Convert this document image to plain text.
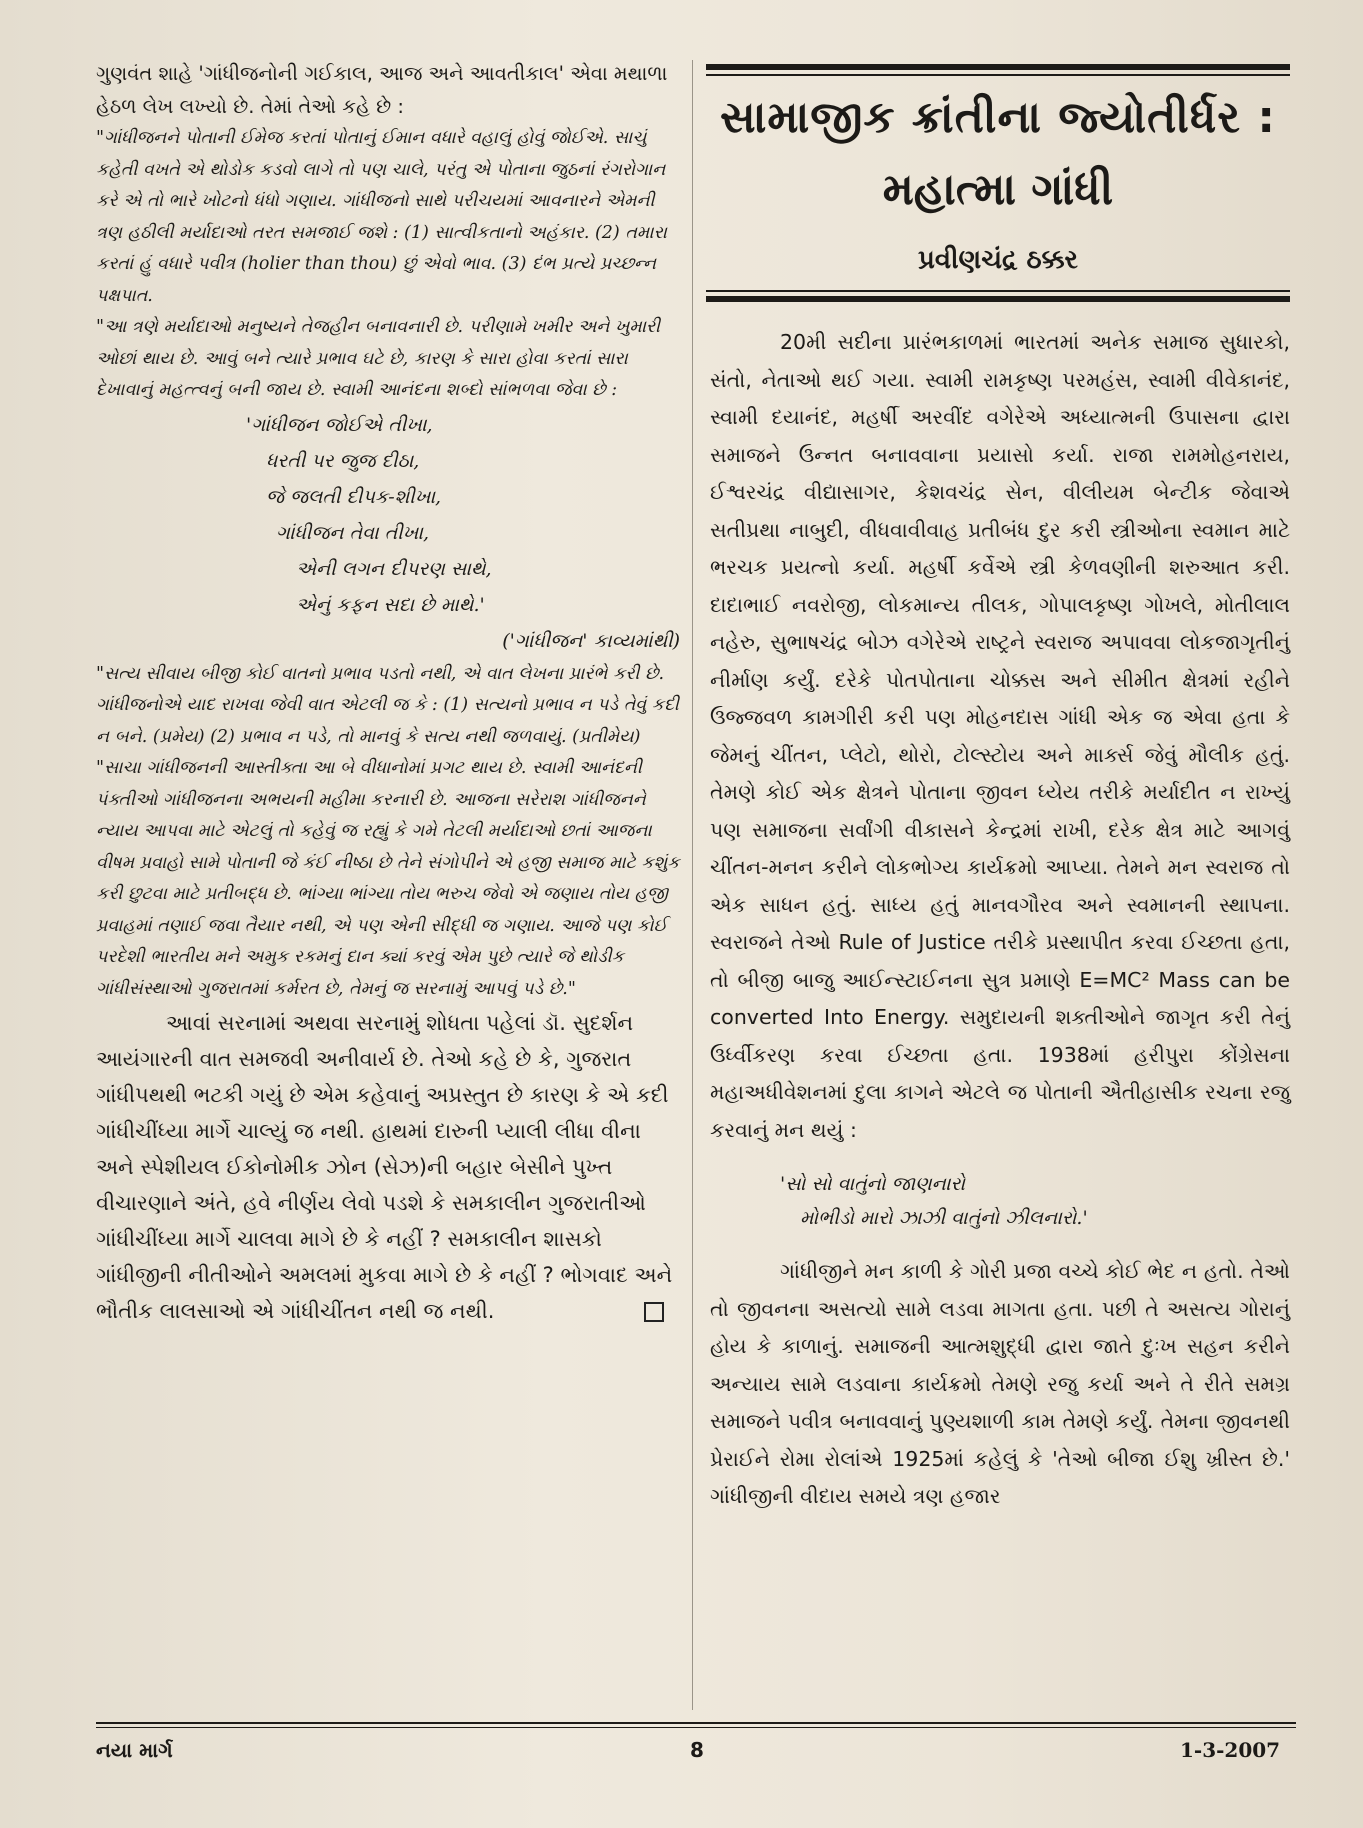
ગુણવંત શાહે 'ગાંધીજનોની ગઈકાલ, આજ અને આવતીકાલ' એવા મથાળા હેઠળ લેખ લખ્યો છે. તેમાં તેઓ કહે છે :

"ગાંધીજનને પોતાની ઈમેજ કરતાં પોતાનું ઈમાન વધારે વહાલું હોવું જોઈએ. સાચું કહેતી વખતે એ થોડોક કડવો લાગે તો પણ ચાલે, પરંતુ એ પોતાના જુઠનાં રંગરોગાન કરે એ તો ભારે ખોટનો ધંધો ગણાય. ગાંધીજનો સાથે પરીચયમાં આવનારને એમની ત્રણ હઠીલી મર્યાદાઓ તરત સમજાઈ જશે : (1) સાત્વીકતાનો અહંકાર. (2) તમારા કરતાં હું વધારે પવીત્ર (holier than thou) છું એવો ભાવ. (3) દંભ પ્રત્યે પ્રચ્છન્ન પક્ષપાત.

"આ ત્રણે મર્યાદાઓ મનુષ્યને તેજહીન બનાવનારી છે. પરીણામે ખમીર અને ખુમારી ઓછાં થાય છે. આવું બને ત્યારે પ્રભાવ ઘટે છે, કારણ કે સારા હોવા કરતાં સારા દેખાવાનું મહત્ત્વનું બની જાય છે. સ્વામી આનંદના શબ્દો સાંભળવા જેવા છે :

'ગાંધીજન જોઈએ તીખા,
ધરતી પર જુજ દીઠા,
જે જલતી દીપક-શીખા,
ગાંધીજન તેવા તીખા,
એની લગન દીપરણ સાથે,
એનું કફન સદા છે માથે.'
('ગાંધીજન' કાવ્યમાંથી)

"સત્ય સીવાય બીજી કોઈ વાતનો પ્રભાવ પડતો નથી, એ વાત લેખના પ્રારંભે કરી છે. ગાંધીજનોએ યાદ રાખવા જેવી વાત એટલી જ કે : (1) સત્યનો પ્રભાવ ન પડે તેવું કદી ન બને. (પ્રમેય) (2) પ્રભાવ ન પડે, તો માનવું કે સત્ય નથી જળવાયું. (પ્રતીમેય)

"સાચા ગાંધીજનની આસ્તીક્તા આ બે વીધાનોમાં પ્રગટ થાય છે. સ્વામી આનંદની પંક્તીઓ ગાંધીજનના અભયની મહીમા કરનારી છે. આજના સરેરાશ ગાંધીજનને ન્યાય આપવા માટે એટલું તો કહેવું જ રહ્યું કે ગમે તેટલી મર્યાદાઓ છતાં આજના વીષમ પ્રવાહો સામે પોતાની જે કંઈ નીષ્ઠા છે તેને સંગોપીને એ હજી સમાજ માટે કશુંક કરી છુટવા માટે પ્રતીબદ્ધ છે. ભાંગ્યા ભાંગ્યા તોય ભરુચ જેવો એ જણાય તોય હજી પ્રવાહમાં તણાઈ જવા તૈયાર નથી, એ પણ એની સીદ્ધી જ ગણાય. આજે પણ કોઈ પરદેશી ભારતીય મને અમુક રકમનું દાન ક્યાં કરવું એમ પુછે ત્યારે જે થોડીક ગાંધીસંસ્થાઓ ગુજરાતમાં કર્મરત છે, તેમનું જ સરનામું આપવું પડે છે."

આવાં સરનામાં અથવા સરનામું શોધતા પહેલાં ડૉ. સુદર્શન આયંગારની વાત સમજવી અનીવાર્ય છે. તેઓ કહે છે કે, ગુજરાત ગાંધીપથથી ભટકી ગયું છે એમ કહેવાનું અપ્રસ્તુત છે કારણ કે એ કદી ગાંધીચીંધ્યા માર્ગે ચાલ્યું જ નથી. હાથમાં દારુની પ્યાલી લીધા વીના અને સ્પેશીયલ ઈકોનોમીક ઝોન (સેઝ)ની બહાર બેસીને પુખ્ત વીચારણાને અંતે, હવે નીર્ણય લેવો પડશે કે સમકાલીન ગુજરાતીઓ ગાંધીચીંધ્યા માર્ગે ચાલવા માગે છે કે નહીં ? સમકાલીન શાસકો ગાંધીજીની નીતીઓને અમલમાં મુકવા માગે છે કે નહીં ? ભોગવાદ અને ભૌતીક લાલસાઓ એ ગાંધીચીંતન નથી જ નથી.

સામાજીક ક્રાંતીના જ્યોતીર્ધર :
મહાત્મા ગાંધી
પ્રવીણચંદ્ર ઠક્કર

20મી સદીના પ્રારંભકાળમાં ભારતમાં અનેક સમાજ સુધારકો, સંતો, નેતાઓ થઈ ગયા. સ્વામી રામકૃષ્ણ પરમહંસ, સ્વામી વીવેકાનંદ, સ્વામી દયાનંદ, મહર્ષી અરવીંદ વગેરેએ અધ્યાત્મની ઉપાસના દ્વારા સમાજને ઉન્નત બનાવવાના પ્રયાસો કર્યા. રાજા રામમોહનરાય, ઈશ્વરચંદ્ર વીદ્યાસાગર, કેશવચંદ્ર સેન, વીલીયમ બેન્ટીક જેવાએ સતીપ્રથા નાબુદી, વીધવાવીવાહ પ્રતીબંધ દુર કરી સ્ત્રીઓના સ્વમાન માટે ભરચક પ્રયત્નો કર્યા. મહર્ષી કર્વેએ સ્ત્રી કેળવણીની શરુઆત કરી. દાદાભાઈ નવરોજી, લોકમાન્ય તીલક, ગોપાલકૃષ્ણ ગોખલે, મોતીલાલ નહેરુ, સુભાષચંદ્ર બોઝ વગેરેએ રાષ્ટ્રને સ્વરાજ અપાવવા લોકજાગૃતીનું નીર્માણ કર્યું. દરેકે પોતપોતાના ચોક્કસ અને સીમીત ક્ષેત્રમાં રહીને ઉજ્જવળ કામગીરી કરી પણ મોહનદાસ ગાંધી એક જ એવા હતા કે જેમનું ચીંતન, પ્લેટો, થોરો, ટોલ્સ્ટોય અને માર્ક્સ જેવું મૌલીક હતું. તેમણે કોઈ એક ક્ષેત્રને પોતાના જીવન ધ્યેય તરીકે મર્યાદીત ન રાખ્યું પણ સમાજના સર્વાંગી વીકાસને કેન્દ્રમાં રાખી, દરેક ક્ષેત્ર માટે આગવું ચીંતન-મનન કરીને લોકભોગ્ય કાર્યક્રમો આપ્યા. તેમને મન સ્વરાજ તો એક સાધન હતું. સાધ્ય હતું માનવગૌરવ અને સ્વમાનની સ્થાપના. સ્વરાજને તેઓ Rule of Justice તરીકે પ્રસ્થાપીત કરવા ઈચ્છતા હતા, તો બીજી બાજુ આઈન્સ્ટાઈનના સુત્ર પ્રમાણે E=MC² Mass can be converted Into Energy. સમુદાયની શક્તીઓને જાગૃત કરી તેનું ઉર્ધ્વીકરણ કરવા ઈચ્છતા હતા. 1938માં હરીપુરા કોંગ્રેસના મહાઅધીવેશનમાં દુલા કાગને એટલે જ પોતાની ઐતીહાસીક રચના રજુ કરવાનું મન થયું :

'સો સો વાતુંનો જાણનારો
મોભીડો મારો ઝાઝી વાતુંનો ઝીલનારો.'

ગાંધીજીને મન કાળી કે ગોરી પ્રજા વચ્ચે કોઈ ભેદ ન હતો. તેઓ તો જીવનના અસત્યો સામે લડવા માગતા હતા. પછી તે અસત્ય ગોરાનું હોય કે કાળાનું. સમાજની આત્મશુદ્ધી દ્વારા જાતે દુઃખ સહન કરીને અન્યાય સામે લડવાના કાર્યક્રમો તેમણે રજુ કર્યા અને તે રીતે સમગ્ર સમાજને પવીત્ર બનાવવાનું પુણ્યશાળી કામ તેમણે કર્યું. તેમના જીવનથી પ્રેરાઈને રોમા રોલાંએ 1925માં કહેલું કે 'તેઓ બીજા ઈશુ ખ્રીસ્ત છે.' ગાંધીજીની વીદાય સમયે ત્રણ હજાર

નયા માર્ગ	8	1-3-2007
